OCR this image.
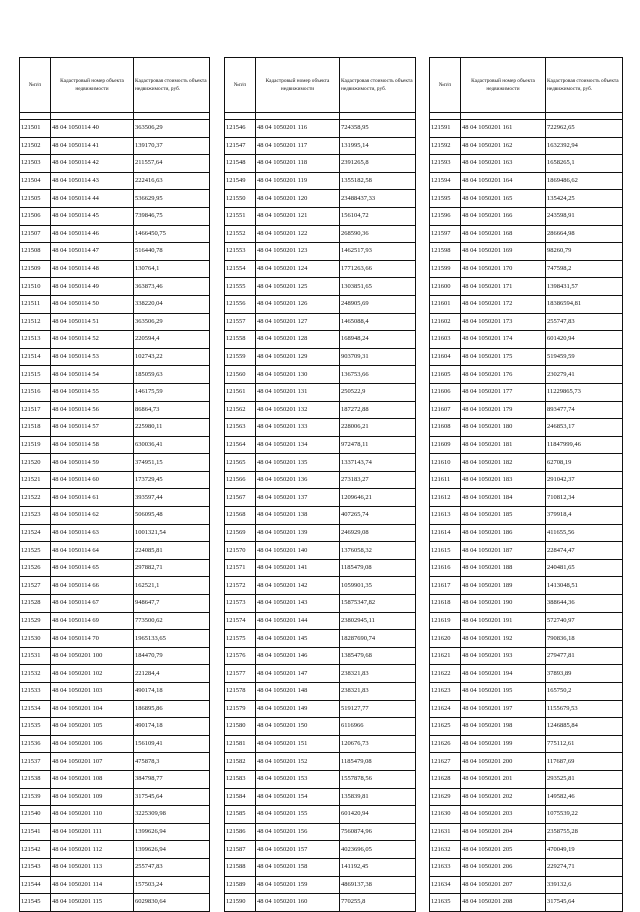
№п/п	Кадастровый номер объекта недвижимости	Кадастровая стоимость объекта недвижимости, руб.

121501	48 04 1050114 40	363506,29
121502	48 04 1050114 41	139170,37
121503	48 04 1050114 42	211557,64
121504	48 04 1050114 43	222416,63
121505	48 04 1050114 44	536629,95
121506	48 04 1050114 45	739846,75
121507	48 04 1050114 46	1466450,75
121508	48 04 1050114 47	516440,78
121509	48 04 1050114 48	130764,1
121510	48 04 1050114 49	363873,46
121511	48 04 1050114 50	338220,04
121512	48 04 1050114 51	363506,29
121513	48 04 1050114 52	220594,4
121514	48 04 1050114 53	102743,22
121515	48 04 1050114 54	185059,63
121516	48 04 1050114 55	146175,59
121517	48 04 1050114 56	86864,73
121518	48 04 1050114 57	225980,11
121519	48 04 1050114 58	630036,41
121520	48 04 1050114 59	374951,15
121521	48 04 1050114 60	173729,45
121522	48 04 1050114 61	393597,44
121523	48 04 1050114 62	506095,48
121524	48 04 1050114 63	1001321,54
121525	48 04 1050114 64	224085,81
121526	48 04 1050114 65	297882,71
121527	48 04 1050114 66	162521,1
121528	48 04 1050114 67	948647,7
121529	48 04 1050114 69	773500,62
121530	48 04 1050114 70	1965133,65
121531	48 04 1050201 100	184470,79
121532	48 04 1050201 102	221284,4
121533	48 04 1050201 103	490174,18
121534	48 04 1050201 104	186895,86
121535	48 04 1050201 105	490174,18
121536	48 04 1050201 106	156109,41
121537	48 04 1050201 107	475878,3
121538	48 04 1050201 108	384798,77
121539	48 04 1050201 109	317545,64
121540	48 04 1050201 110	3225309,98
121541	48 04 1050201 111	1399626,94
121542	48 04 1050201 112	1399626,94
121543	48 04 1050201 113	255747,83
121544	48 04 1050201 114	157503,24
121545	48 04 1050201 115	6029830,64
№п/п	Кадастровый номер объекта недвижимости	Кадастровая стоимость объекта недвижимости, руб.

121546	48 04 1050201 116	724358,95
121547	48 04 1050201 117	131995,14
121548	48 04 1050201 118	2391265,8
121549	48 04 1050201 119	1355182,58
121550	48 04 1050201 120	23488437,33
121551	48 04 1050201 121	156104,72
121552	48 04 1050201 122	268590,36
121553	48 04 1050201 123	1462517,93
121554	48 04 1050201 124	1771263,66
121555	48 04 1050201 125	1303851,65
121556	48 04 1050201 126	248905,69
121557	48 04 1050201 127	1465088,4
121558	48 04 1050201 128	168948,24
121559	48 04 1050201 129	903709,31
121560	48 04 1050201 130	136753,66
121561	48 04 1050201 131	250522,9
121562	48 04 1050201 132	187272,88
121563	48 04 1050201 133	228006,21
121564	48 04 1050201 134	972478,11
121565	48 04 1050201 135	1337143,74
121566	48 04 1050201 136	273183,27
121567	48 04 1050201 137	1209646,21
121568	48 04 1050201 138	407265,74
121569	48 04 1050201 139	246929,08
121570	48 04 1050201 140	1376058,32
121571	48 04 1050201 141	1185479,08
121572	48 04 1050201 142	1059901,35
121573	48 04 1050201 143	15875347,82
121574	48 04 1050201 144	23802945,11
121575	48 04 1050201 145	18287690,74
121576	48 04 1050201 146	1385479,68
121577	48 04 1050201 147	238321,83
121578	48 04 1050201 148	238321,83
121579	48 04 1050201 149	519127,77
121580	48 04 1050201 150	6116966
121581	48 04 1050201 151	120676,73
121582	48 04 1050201 152	1185479,08
121583	48 04 1050201 153	1557878,56
121584	48 04 1050201 154	135839,81
121585	48 04 1050201 155	601420,94
121586	48 04 1050201 156	7560874,96
121587	48 04 1050201 157	4023696,05
121588	48 04 1050201 158	141192,45
121589	48 04 1050201 159	4869137,38
121590	48 04 1050201 160	770255,8
№п/п	Кадастровый номер объекта недвижимости	Кадастровая стоимость объекта недвижимости, руб.

121591	48 04 1050201 161	722962,65
121592	48 04 1050201 162	1632392,94
121593	48 04 1050201 163	1658265,1
121594	48 04 1050201 164	1869486,62
121595	48 04 1050201 165	135424,25
121596	48 04 1050201 166	243598,91
121597	48 04 1050201 168	286664,98
121598	48 04 1050201 169	98260,79
121599	48 04 1050201 170	747598,2
121600	48 04 1050201 171	1398431,57
121601	48 04 1050201 172	18386594,81
121602	48 04 1050201 173	255747,83
121603	48 04 1050201 174	601420,94
121604	48 04 1050201 175	519459,59
121605	48 04 1050201 176	230279,41
121606	48 04 1050201 177	11229865,73
121607	48 04 1050201 179	893477,74
121608	48 04 1050201 180	246853,17
121609	48 04 1050201 181	11847999,46
121610	48 04 1050201 182	62708,19
121611	48 04 1050201 183	291042,37
121612	48 04 1050201 184	710812,34
121613	48 04 1050201 185	379918,4
121614	48 04 1050201 186	411655,56
121615	48 04 1050201 187	228474,47
121616	48 04 1050201 188	240481,65
121617	48 04 1050201 189	1413048,51
121618	48 04 1050201 190	388644,36
121619	48 04 1050201 191	572740,97
121620	48 04 1050201 192	790836,18
121621	48 04 1050201 193	279477,81
121622	48 04 1050201 194	37893,89
121623	48 04 1050201 195	165750,2
121624	48 04 1050201 197	1155679,53
121625	48 04 1050201 198	1246885,84
121626	48 04 1050201 199	775112,61
121627	48 04 1050201 200	117687,69
121628	48 04 1050201 201	293525,81
121629	48 04 1050201 202	149582,46
121630	48 04 1050201 203	1075539,22
121631	48 04 1050201 204	2358755,28
121632	48 04 1050201 205	470049,19
121633	48 04 1050201 206	229274,71
121634	48 04 1050201 207	339132,6
121635	48 04 1050201 208	317545,64
